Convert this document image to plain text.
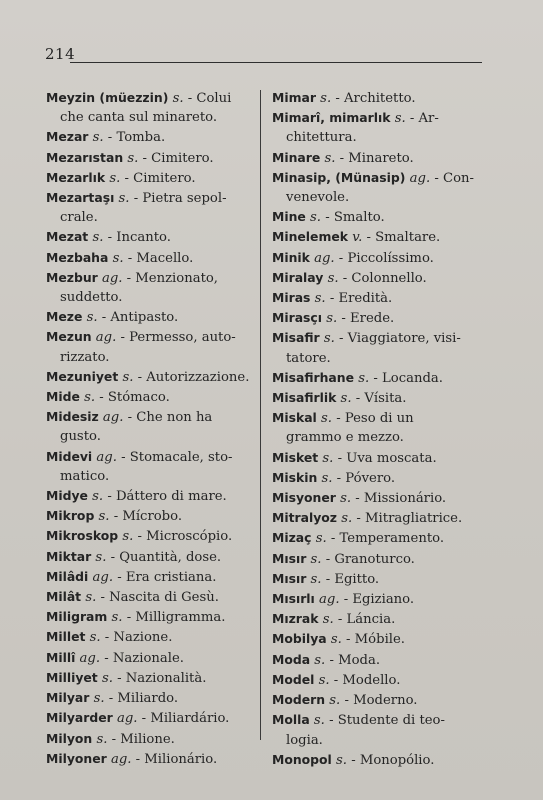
214
Meyzin (müezzin) s. - Colui
che canta sul minareto.
Mezar s. - Tomba.
Mezarıstan s. - Cimitero.
Mezarlık s. - Cimitero.
Mezartaşı s. - Pietra sepol-
crale.
Mezat s. - Incanto.
Mezbaha s. - Macello.
Mezbur ag. - Menzionato,
suddetto.
Meze s. - Antipasto.
Mezun ag. - Permesso, auto-
rizzato.
Mezuniyet s. - Autorizzazione.
Mide s. - Stómaco.
Midesiz ag. - Che non ha
gusto.
Midevi ag. - Stomacale, sto-
matico.
Midye s. - Dáttero di mare.
Mikrop s. - Mícrobo.
Mikroskop s. - Microscópio.
Miktar s. - Quantità, dose.
Milâdi ag. - Era cristiana.
Milât s. - Nascita di Gesù.
Miligram s. - Milligramma.
Millet s. - Nazione.
Millî ag. - Nazionale.
Milliyet s. - Nazionalità.
Milyar s. - Miliardo.
Milyarder ag. - Miliardário.
Milyon s. - Milione.
Milyoner ag. - Milionário.
Mimar s. - Architetto.
Mimarî, mimarlık s. - Ar-
chitettura.
Minare s. - Minareto.
Minasip, (Münasip) ag. - Con-
venevole.
Mine s. - Smalto.
Minelemek v. - Smaltare.
Minik ag. - Piccolíssimo.
Miralay s. - Colonnello.
Miras s. - Eredità.
Mirasçı s. - Erede.
Misafir s. - Viaggiatore, visi-
tatore.
Misafirhane s. - Locanda.
Misafirlik s. - Vísita.
Miskal s. - Peso di un
grammo e mezzo.
Misket s. - Uva moscata.
Miskin s. - Póvero.
Misyoner s. - Missionário.
Mitralyoz s. - Mitragliatrice.
Mizaç s. - Temperamento.
Mısır s. - Granoturco.
Mısır s. - Egitto.
Mısırlı ag. - Egiziano.
Mızrak s. - Láncia.
Mobilya s. - Móbile.
Moda s. - Moda.
Model s. - Modello.
Modern s. - Moderno.
Molla s. - Studente di teo-
logia.
Monopol s. - Monopólio.
